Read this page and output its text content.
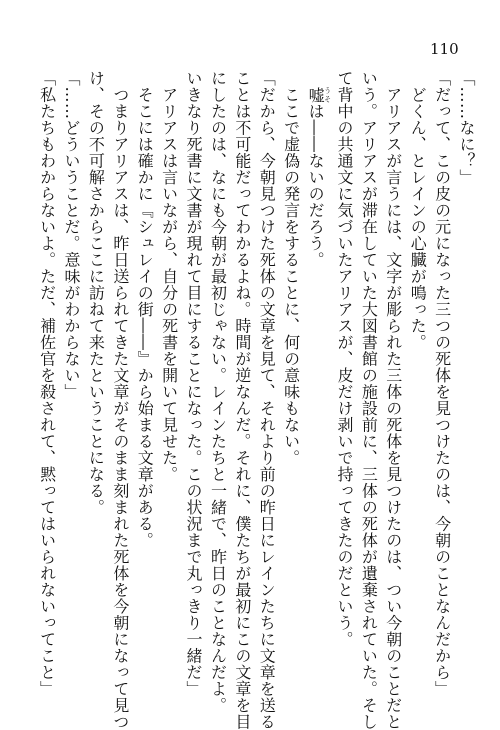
110
「……なに？」
「だって、この皮の元になった三つの死体を見つけたのは、今朝のことなんだから」
　どくん、とレインの心臓が鳴った。
　アリアスが言うには、文字が彫られた三体の死体を見つけたのは、つい今朝のことだと
いう。アリアスが滞在していた大図書館の施設前に、三体の死体が遺棄されていた。そし
て背中の共通文に気づいたアリアスが、皮だけ剥いで持ってきたのだという。
　嘘うそは――ないのだろう。
　ここで虚偽の発言をすることに、何の意味もない。
「だから、今朝見つけた死体の文章を見て、それより前の昨日にレインたちに文章を送る
ことは不可能だってわかるよね。時間が逆なんだ。それに、僕たちが最初にこの文章を目
にしたのは、なにも今朝が最初じゃない。レインたちと一緒で、昨日のことなんだよ。
いきなり死書に文書が現れて目にすることになった。この状況まで丸っきり一緒だ」
　アリアスは言いながら、自分の死書を開いて見せた。
　そこには確かに『シュレイの街――』から始まる文章がある。
　つまりアリアスは、昨日送られてきた文章がそのまま刻まれた死体を今朝になって見つ
け、その不可解さからここに訪ねて来たということになる。
「……どういうことだ。意味がわからない」
「私たちもわからないよ。ただ、補佐官を殺されて、黙ってはいられないってこと」
